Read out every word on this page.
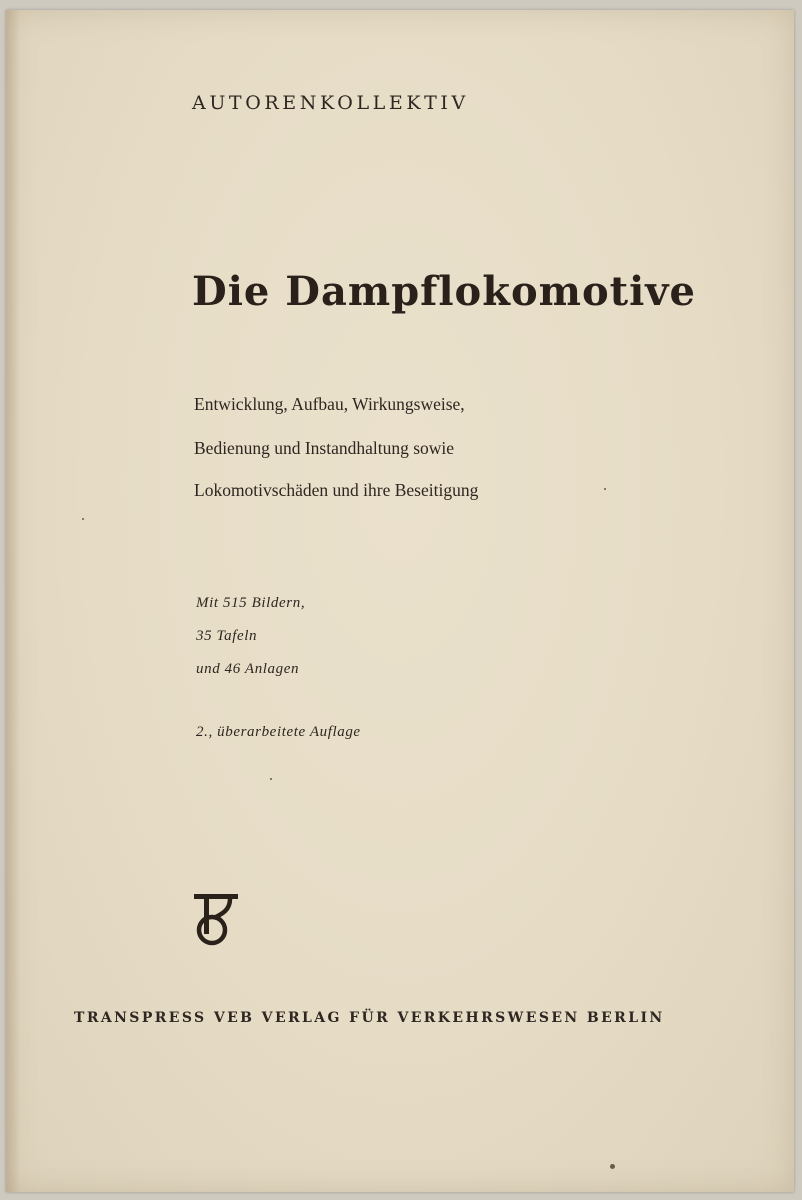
AUTORENKOLLEKTIV
Die Dampflokomotive
Entwicklung, Aufbau, Wirkungsweise,
Bedienung und Instandhaltung sowie
Lokomotivschäden und ihre Beseitigung
Mit 515 Bildern,
35 Tafeln
und 46 Anlagen
2., überarbeitete Auflage
TRANSPRESS VEB VERLAG FÜR VERKEHRSWESEN BERLIN
